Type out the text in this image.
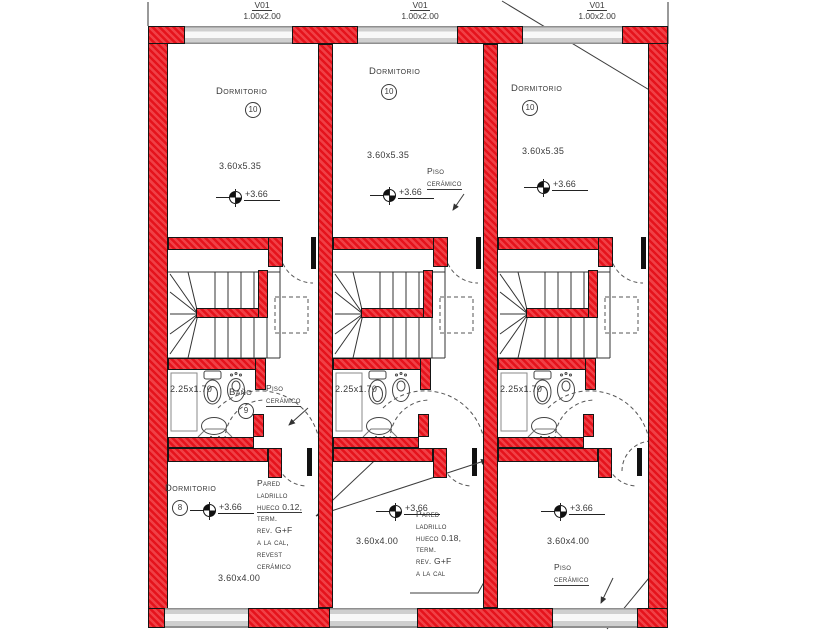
V01
1.00x2.00
V01
1.00x2.00
V01
1.00x2.00
Dormitorio
10
3.60x5.35
+3.66
Piso
cerámico
2.25x1.70 Baño
9
Dormitorio
8	+3.66
Pared
ladrillo
hueco 0.12,
term.
rev. G+F
a la cal,
revest
cerámico
3.60x4.00
Dormitorio
10
3.60x5.35
+3.66
Piso
cerámico
2.25x1.70
+3.66
3.60x4.00
Pared
ladrillo
hueco 0.18,
term.
rev. G+F
a la cal
Dormitorio
10
3.60x5.35
+3.66
2.25x1.70
+3.66
3.60x4.00
Piso
cerámico
